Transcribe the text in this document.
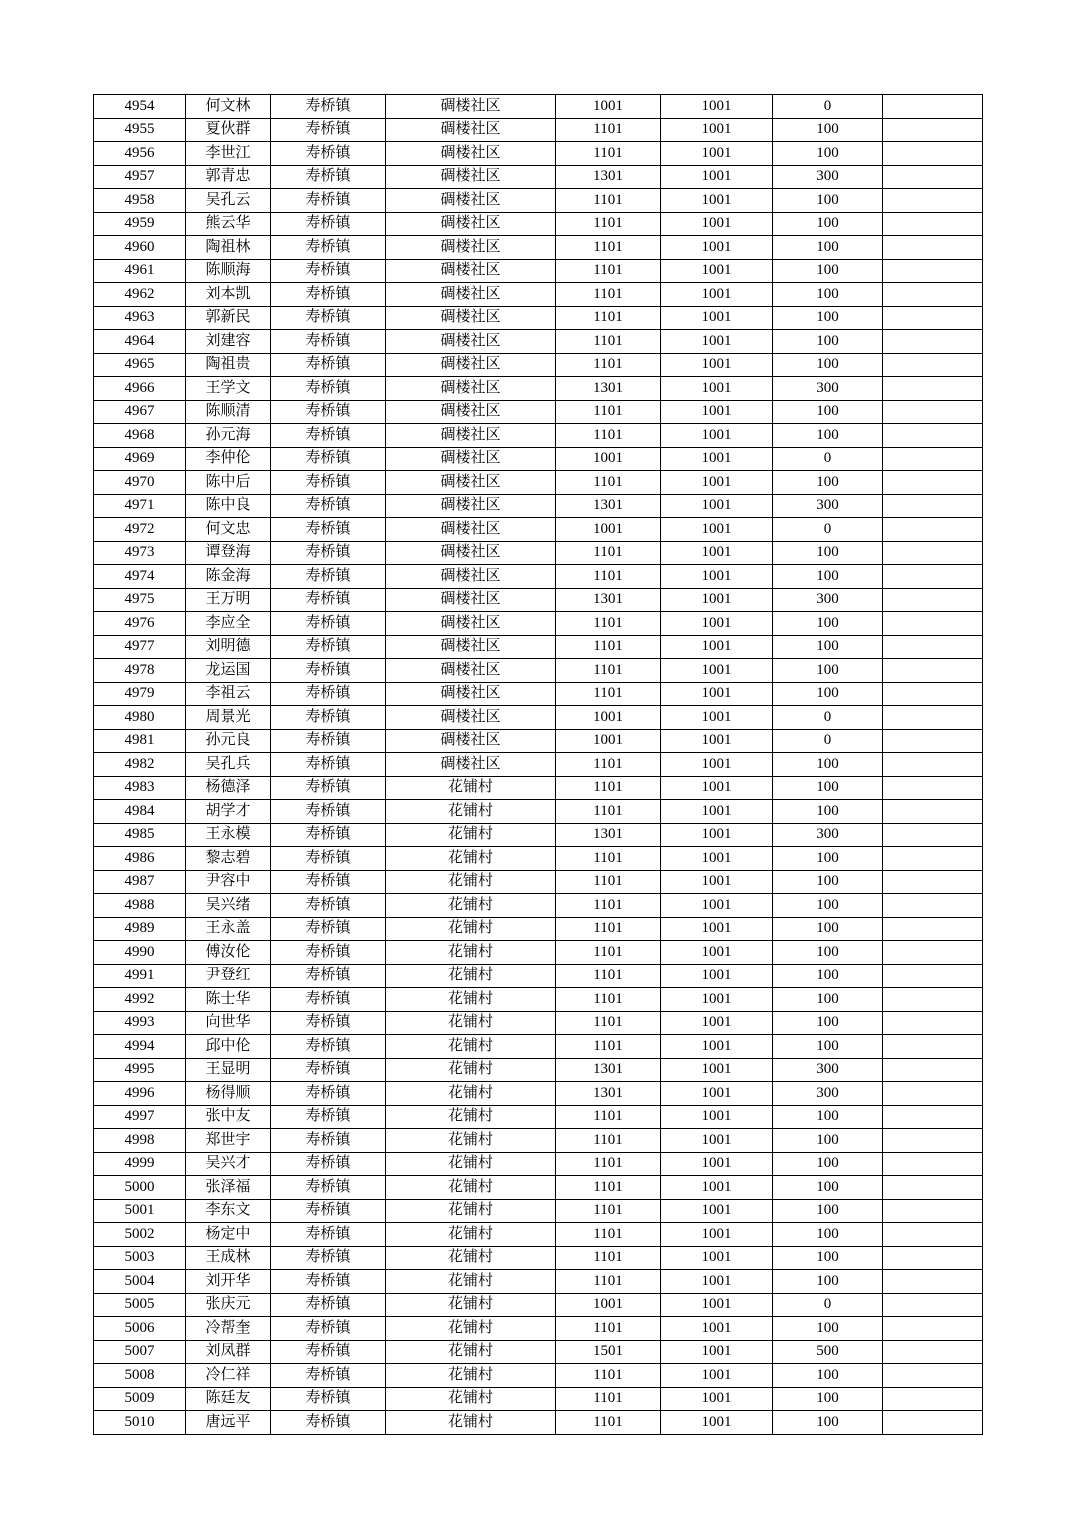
4954	何文林	寿桥镇	碉楼社区	1001	1001	0	
4955	夏伙群	寿桥镇	碉楼社区	1101	1001	100	
4956	李世江	寿桥镇	碉楼社区	1101	1001	100	
4957	郭青忠	寿桥镇	碉楼社区	1301	1001	300	
4958	吴孔云	寿桥镇	碉楼社区	1101	1001	100	
4959	熊云华	寿桥镇	碉楼社区	1101	1001	100	
4960	陶祖林	寿桥镇	碉楼社区	1101	1001	100	
4961	陈顺海	寿桥镇	碉楼社区	1101	1001	100	
4962	刘本凯	寿桥镇	碉楼社区	1101	1001	100	
4963	郭新民	寿桥镇	碉楼社区	1101	1001	100	
4964	刘建容	寿桥镇	碉楼社区	1101	1001	100	
4965	陶祖贵	寿桥镇	碉楼社区	1101	1001	100	
4966	王学文	寿桥镇	碉楼社区	1301	1001	300	
4967	陈顺清	寿桥镇	碉楼社区	1101	1001	100	
4968	孙元海	寿桥镇	碉楼社区	1101	1001	100	
4969	李仲伦	寿桥镇	碉楼社区	1001	1001	0	
4970	陈中后	寿桥镇	碉楼社区	1101	1001	100	
4971	陈中良	寿桥镇	碉楼社区	1301	1001	300	
4972	何文忠	寿桥镇	碉楼社区	1001	1001	0	
4973	谭登海	寿桥镇	碉楼社区	1101	1001	100	
4974	陈金海	寿桥镇	碉楼社区	1101	1001	100	
4975	王万明	寿桥镇	碉楼社区	1301	1001	300	
4976	李应全	寿桥镇	碉楼社区	1101	1001	100	
4977	刘明德	寿桥镇	碉楼社区	1101	1001	100	
4978	龙运国	寿桥镇	碉楼社区	1101	1001	100	
4979	李祖云	寿桥镇	碉楼社区	1101	1001	100	
4980	周景光	寿桥镇	碉楼社区	1001	1001	0	
4981	孙元良	寿桥镇	碉楼社区	1001	1001	0	
4982	吴孔兵	寿桥镇	碉楼社区	1101	1001	100	
4983	杨德泽	寿桥镇	花铺村	1101	1001	100	
4984	胡学才	寿桥镇	花铺村	1101	1001	100	
4985	王永模	寿桥镇	花铺村	1301	1001	300	
4986	黎志碧	寿桥镇	花铺村	1101	1001	100	
4987	尹容中	寿桥镇	花铺村	1101	1001	100	
4988	吴兴绪	寿桥镇	花铺村	1101	1001	100	
4989	王永盖	寿桥镇	花铺村	1101	1001	100	
4990	傅汝伦	寿桥镇	花铺村	1101	1001	100	
4991	尹登红	寿桥镇	花铺村	1101	1001	100	
4992	陈士华	寿桥镇	花铺村	1101	1001	100	
4993	向世华	寿桥镇	花铺村	1101	1001	100	
4994	邱中伦	寿桥镇	花铺村	1101	1001	100	
4995	王显明	寿桥镇	花铺村	1301	1001	300	
4996	杨得顺	寿桥镇	花铺村	1301	1001	300	
4997	张中友	寿桥镇	花铺村	1101	1001	100	
4998	郑世宇	寿桥镇	花铺村	1101	1001	100	
4999	吴兴才	寿桥镇	花铺村	1101	1001	100	
5000	张泽福	寿桥镇	花铺村	1101	1001	100	
5001	李东文	寿桥镇	花铺村	1101	1001	100	
5002	杨定中	寿桥镇	花铺村	1101	1001	100	
5003	王成林	寿桥镇	花铺村	1101	1001	100	
5004	刘开华	寿桥镇	花铺村	1101	1001	100	
5005	张庆元	寿桥镇	花铺村	1001	1001	0	
5006	冷帮奎	寿桥镇	花铺村	1101	1001	100	
5007	刘凤群	寿桥镇	花铺村	1501	1001	500	
5008	冷仁祥	寿桥镇	花铺村	1101	1001	100	
5009	陈廷友	寿桥镇	花铺村	1101	1001	100	
5010	唐远平	寿桥镇	花铺村	1101	1001	100	
